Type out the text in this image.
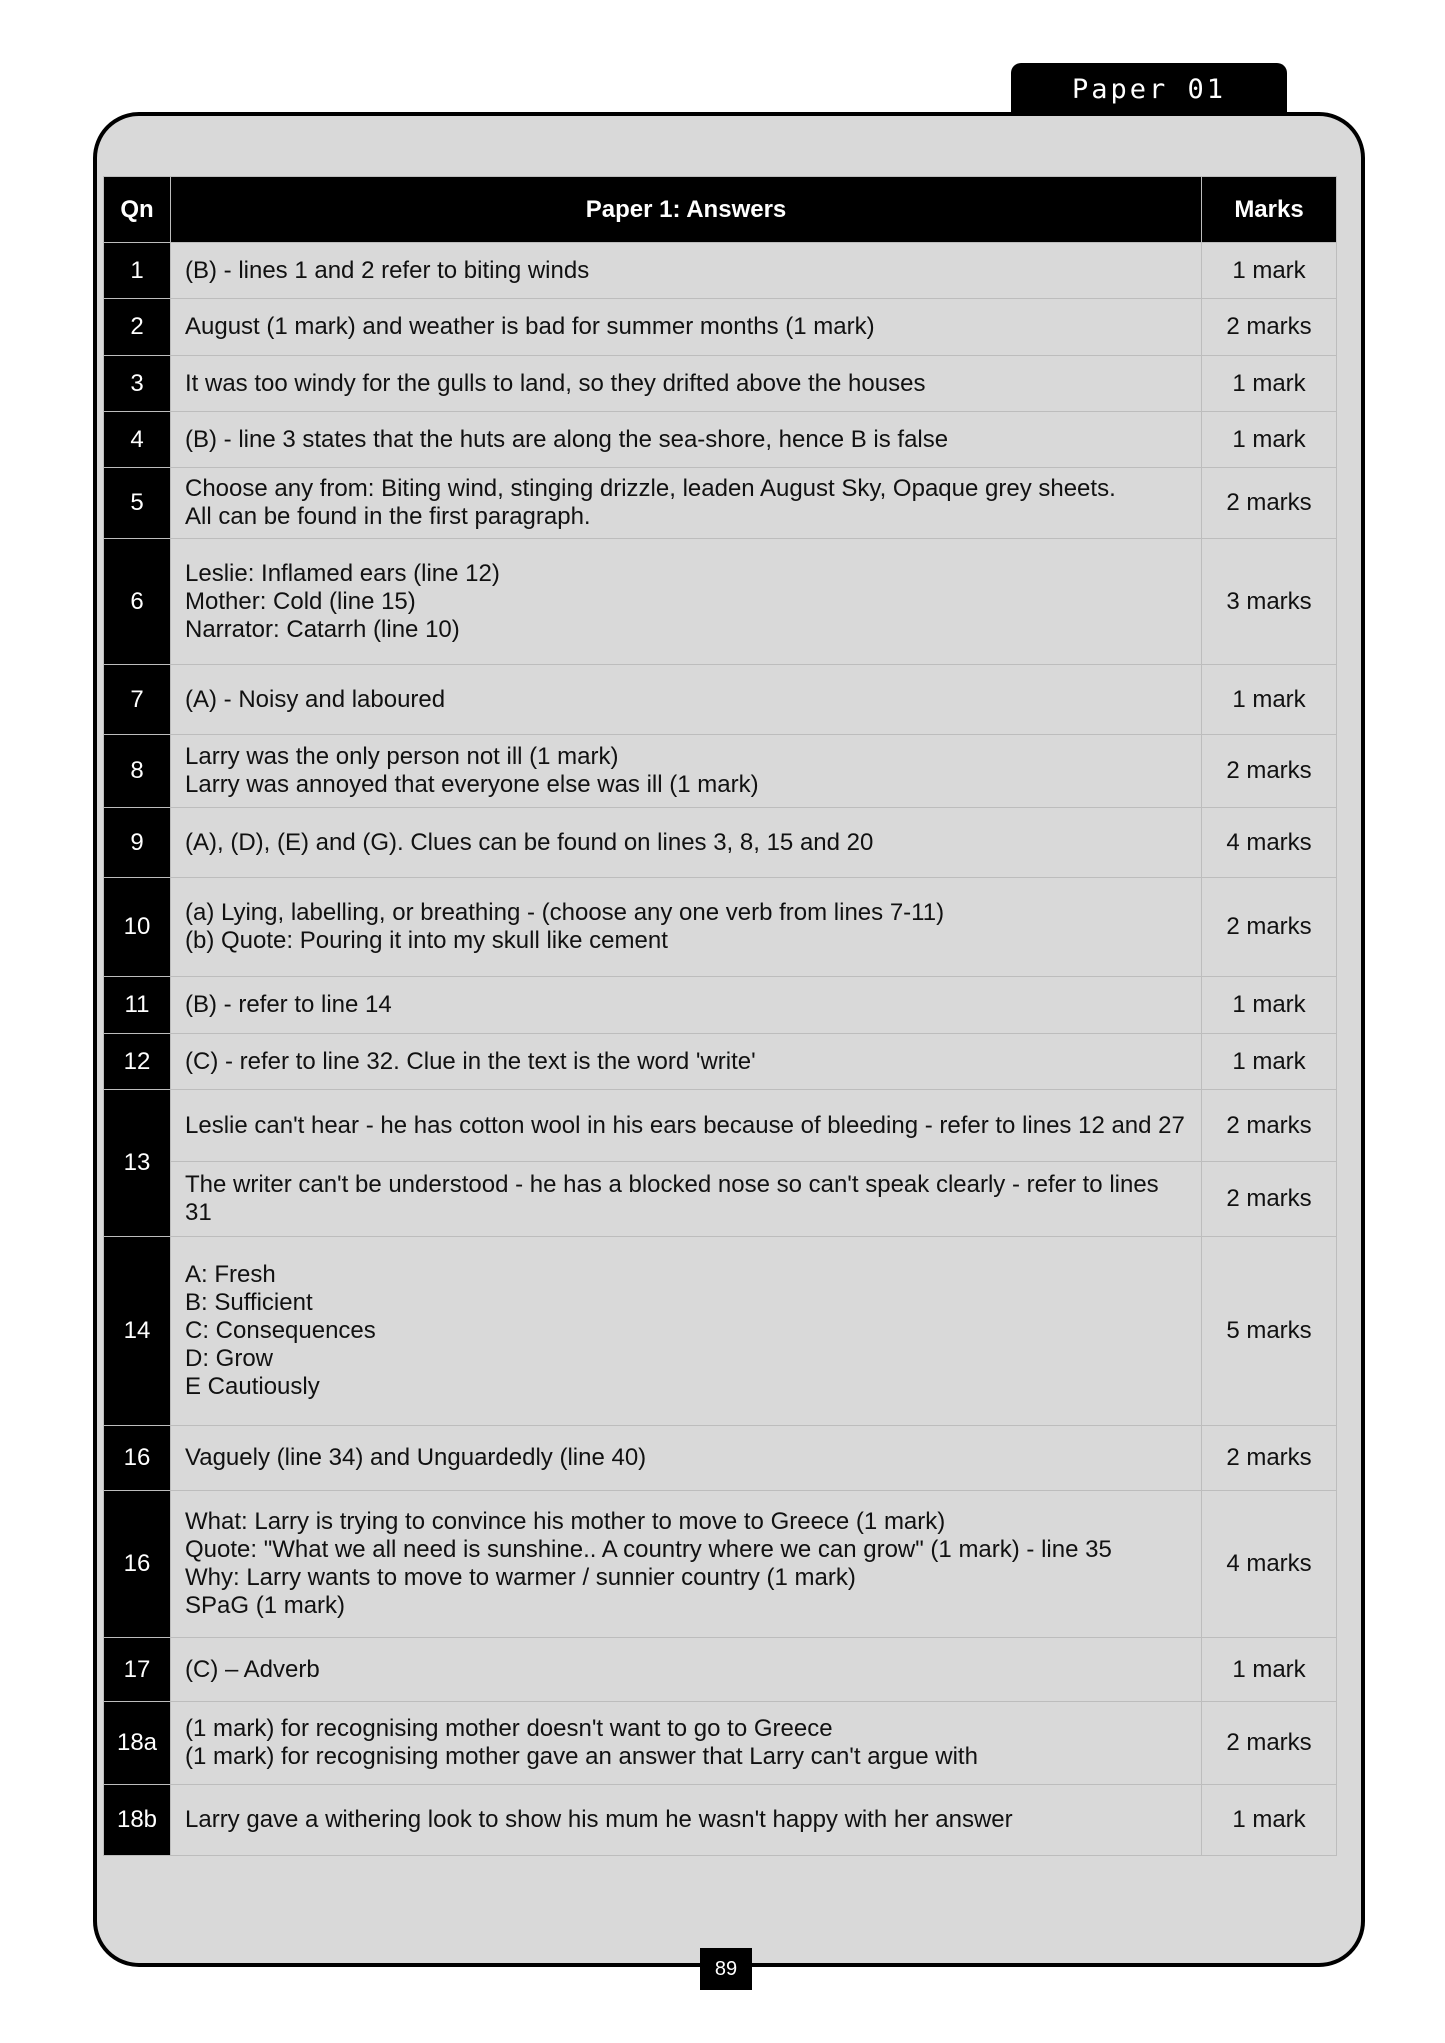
Paper 01
Qn	Paper 1: Answers	Marks
1	(B) - lines 1 and 2 refer to biting winds	1 mark
2	August (1 mark) and weather is bad for summer months (1 mark)	2 marks
3	It was too windy for the gulls to land, so they drifted above the houses	1 mark
4	(B) - line 3 states that the huts are along the sea-shore, hence B is false	1 mark
5	Choose any from: Biting wind, stinging drizzle, leaden August Sky, Opaque grey sheets.
All can be found in the first paragraph.	2 marks
6	Leslie: Inflamed ears (line 12)
Mother: Cold (line 15)
Narrator: Catarrh (line 10)	3 marks
7	(A) - Noisy and laboured	1 mark
8	Larry was the only person not ill (1 mark)
Larry was annoyed that everyone else was ill (1 mark)	2 marks
9	(A), (D), (E) and (G). Clues can be found on lines 3, 8, 15 and 20	4 marks
10	(a) Lying, labelling, or breathing - (choose any one verb from lines 7-11)
(b) Quote: Pouring it into my skull like cement	2 marks
11	(B) - refer to line 14	1 mark
12	(C) - refer to line 32. Clue in the text is the word 'write'	1 mark
13	Leslie can't hear - he has cotton wool in his ears because of bleeding - refer to lines 12 and 27	2 marks
	The writer can't be understood - he has a blocked nose so can't speak clearly - refer to lines 31	2 marks
14	A: Fresh
B: Sufficient
C: Consequences
D: Grow
E Cautiously	5 marks
16	Vaguely (line 34) and Unguardedly (line 40)	2 marks
16	What: Larry is trying to convince his mother to move to Greece (1 mark)
Quote: "What we all need is sunshine.. A country where we can grow" (1 mark) - line 35
Why: Larry wants to move to warmer / sunnier country (1 mark)
SPaG (1 mark)	4 marks
17	(C) – Adverb	1 mark
18a	(1 mark) for recognising mother doesn't want to go to Greece
(1 mark) for recognising mother gave an answer that Larry can't argue with	2 marks
18b	Larry gave a withering look to show his mum he wasn't happy with her answer	1 mark
89
